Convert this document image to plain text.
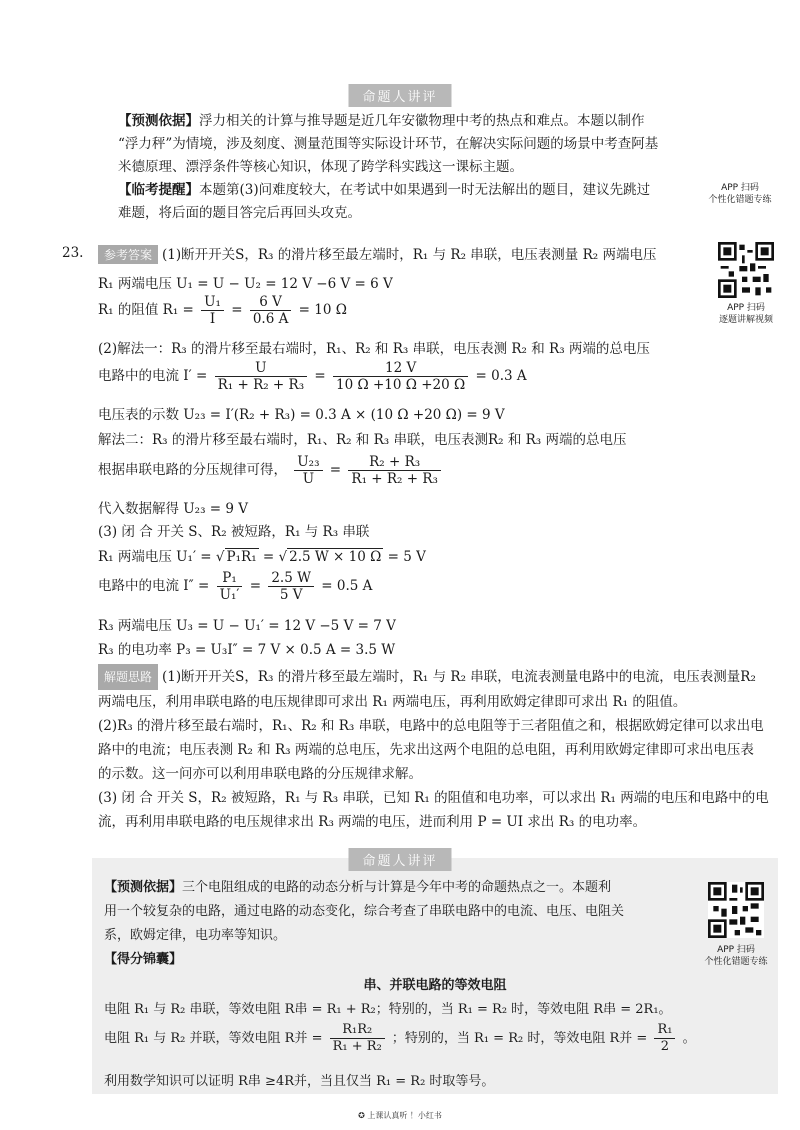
命题人讲评
【预测依据】浮力相关的计算与推导题是近几年安徽物理中考的热点和难点。本题以制作
“浮力秤”为情境，涉及刻度、测量范围等实际设计环节，在解决实际问题的场景中考查阿基
米德原理、漂浮条件等核心知识，体现了跨学科实践这一课标主题。
【临考提醒】本题第(3)问难度较大，在考试中如果遇到一时无法解出的题目，建议先跳过
难题，将后面的题目答完后再回头攻克。
APP 扫码
个性化错题专练
23.	参考答案 (1)断开开关S，R₃ 的滑片移至最左端时，R₁ 与 R₂ 串联，电压表测量 R₂ 两端电压
R₁ 两端电压 U₁ = U − U₂ = 12 V −6 V = 6 V
R₁ 的阻值 $R_1 = \frac{\text{U₁}}{I} = \frac{6 V}{0.6 A} = 10$ Ω
(2)解法一：R₃ 的滑片移至最右端时，R₁、R₂ 和 R₃ 串联，电压表测 R₂ 和 R₃ 两端的总电压
电路中的电流 $I' = \frac{U}{\text{R₁ + R₂ + R₃}} = \frac{12 V}{10 \Omega +10 \Omega +20 \Omega} = 0.3$ A
电压表的示数 U₂₃ = I′(R₂ + R₃) = 0.3 A × (10 Ω +20 Ω) = 9 V
解法二：R₃ 的滑片移至最右端时，R₁、R₂ 和 R₃ 串联，电压表测R₂ 和 R₃ 两端的总电压
根据串联电路的分压规律可得， $\frac{\text{U₂₃}}{U} = \frac{\text{R₂ + R₃}}{\text{R₁ + R₂ + R₃}}$
代入数据解得 U₂₃ = 9 V
(3) 闭 合 开关 S、R₂ 被短路，R₁ 与 R₃ 串联
R₁ 两端电压 U₁′ = √ P₁R₁ = √ 2.5 W × 10 Ω = 5 V
电路中的电流 $I'' = \frac{\text{P₁}}{\text{U₁′}} = \frac{2.5 W}{5 V} = 0.5$ A
R₃ 两端电压 U₃ = U − U₁′ = 12 V −5 V = 7 V
R₃ 的电功率 P₃ = U₃I″ = 7 V × 0.5 A = 3.5 W
APP 扫码
逐题讲解视频
解题思路 (1)断开开关S，R₃ 的滑片移至最左端时，R₁ 与 R₂ 串联，电流表测量电路中的电流，电压表测量R₂
两端电压，利用串联电路的电压规律即可求出 R₁ 两端电压，再利用欧姆定律即可求出 R₁ 的阻值。
(2)R₃ 的滑片移至最右端时，R₁、R₂ 和 R₃ 串联，电路中的总电阻等于三者阻值之和，根据欧姆定律可以求出电
路中的电流；电压表测 R₂ 和 R₃ 两端的总电压，先求出这两个电阻的总电阻，再利用欧姆定律即可求出电压表
的示数。这一问亦可以利用串联电路的分压规律求解。
(3) 闭 合 开关 S，R₂ 被短路，R₁ 与 R₃ 串联，已知 R₁ 的阻值和电功率，可以求出 R₁ 两端的电压和电路中的电
流，再利用串联电路的电压规律求出 R₃ 两端的电压，进而利用 P = UI 求出 R₃ 的电功率。
命题人讲评
【预测依据】三个电阻组成的电路的动态分析与计算是今年中考的命题热点之一。本题利
用一个较复杂的电路，通过电路的动态变化，综合考查了串联电路中的电流、电压、电阻关
系，欧姆定律，电功率等知识。
【得分锦囊】
串、并联电路的等效电阻
电阻 R₁ 与 R₂ 串联，等效电阻 R串 = R₁ + R₂；特别的，当 R₁ = R₂ 时，等效电阻 R串 = 2R₁。
电阻 R₁ 与 R₂ 并联，等效电阻 R并 = $\frac{\text{R₁R₂}}{\text{R₁ + R₂}}$ ；特别的，当 R₁ = R₂ 时，等效电阻 R并 = $\frac{\text{R₁}}{2}$ 。
利用数学知识可以证明 R串 ≥4R并，当且仅当 R₁ = R₂ 时取等号。
APP 扫码
个性化错题专练
✪ 上课认真听 ！小红书
